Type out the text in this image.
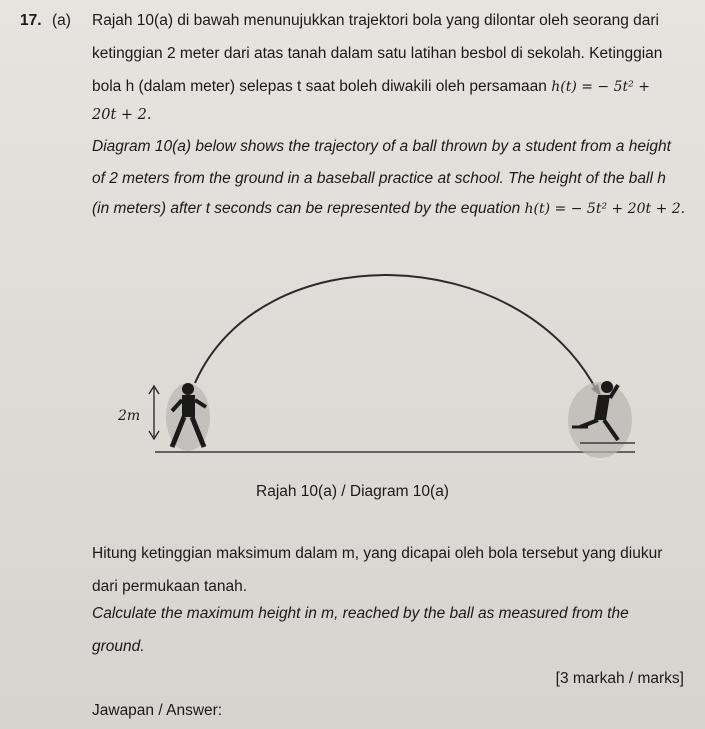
17. (a) Rajah 10(a) di bawah menunujukkan trajektori bola yang dilontar oleh seorang dari
ketinggian 2 meter dari atas tanah dalam satu latihan besbol di sekolah. Ketinggian
bola h (dalam meter) selepas t saat boleh diwakili oleh persamaan h(t) = − 5t² +
20t + 2.
Diagram 10(a) below shows the trajectory of a ball thrown by a student from a height
of 2 meters from the ground in a baseball practice at school. The height of the ball h
(in meters) after t seconds can be represented by the equation h(t) = − 5t² + 20t + 2.
2m
Rajah 10(a) / Diagram 10(a)
Hitung ketinggian maksimum dalam m, yang dicapai oleh bola tersebut yang diukur
dari permukaan tanah.
Calculate the maximum height in m, reached by the ball as measured from the
ground.
[3 markah / marks]
Jawapan / Answer:
